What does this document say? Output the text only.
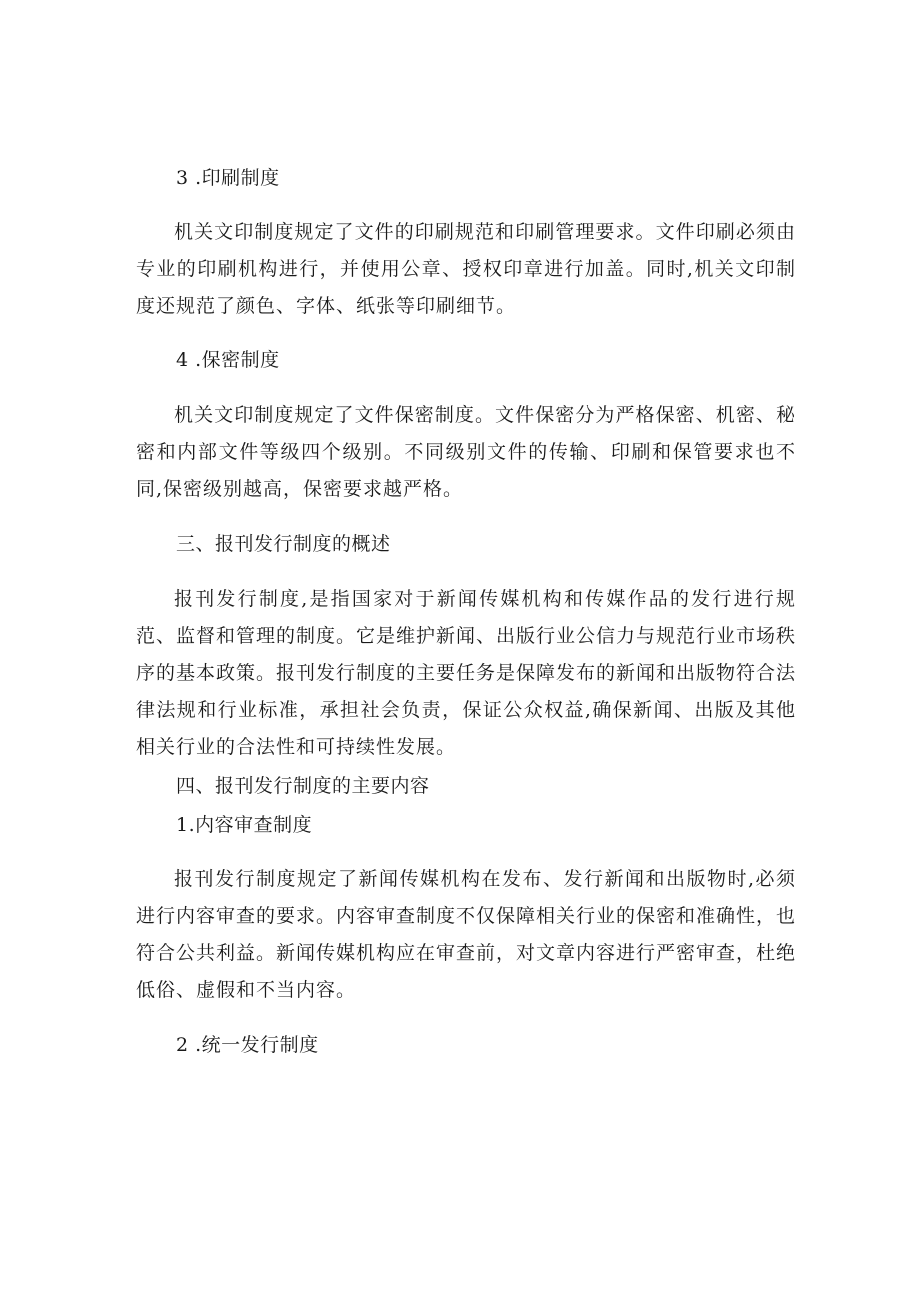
3 .印刷制度

机关文印制度规定了文件的印刷规范和印刷管理要求。文件印刷必须由专业的印刷机构进行，并使用公章、授权印章进行加盖。同时,机关文印制度还规范了颜色、字体、纸张等印刷细节。

4 .保密制度

机关文印制度规定了文件保密制度。文件保密分为严格保密、机密、秘密和内部文件等级四个级别。不同级别文件的传输、印刷和保管要求也不同,保密级别越高，保密要求越严格。

三、报刊发行制度的概述

报刊发行制度,是指国家对于新闻传媒机构和传媒作品的发行进行规范、监督和管理的制度。它是维护新闻、出版行业公信力与规范行业市场秩序的基本政策。报刊发行制度的主要任务是保障发布的新闻和出版物符合法律法规和行业标准，承担社会负责，保证公众权益,确保新闻、出版及其他相关行业的合法性和可持续性发展。

四、报刊发行制度的主要内容

1.内容审查制度

报刊发行制度规定了新闻传媒机构在发布、发行新闻和出版物时,必须进行内容审查的要求。内容审查制度不仅保障相关行业的保密和准确性，也符合公共利益。新闻传媒机构应在审查前，对文章内容进行严密审查，杜绝低俗、虚假和不当内容。

2 .统一发行制度
